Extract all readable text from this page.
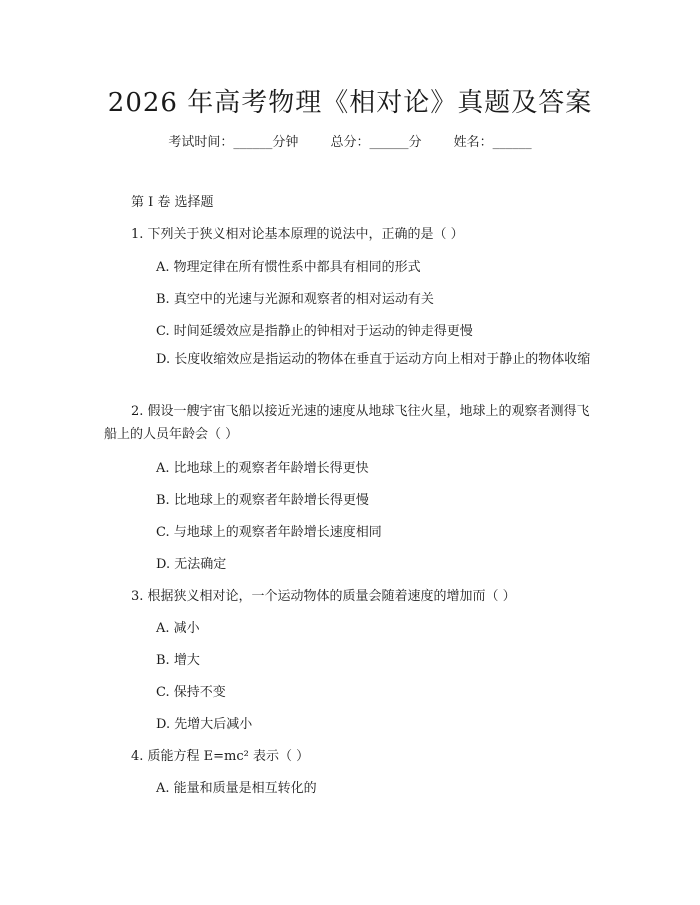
2026 年高考物理《相对论》真题及答案
考试时间：______分钟 总分：______分 姓名：______
第 I 卷 选择题
1. 下列关于狭义相对论基本原理的说法中，正确的是（ ）
A. 物理定律在所有惯性系中都具有相同的形式
B. 真空中的光速与光源和观察者的相对运动有关
C. 时间延缓效应是指静止的钟相对于运动的钟走得更慢
D. 长度收缩效应是指运动的物体在垂直于运动方向上相对于静止的物体收缩
2. 假设一艘宇宙飞船以接近光速的速度从地球飞往火星，地球上的观察者测得飞船上的人员年龄会（ ）
A. 比地球上的观察者年龄增长得更快
B. 比地球上的观察者年龄增长得更慢
C. 与地球上的观察者年龄增长速度相同
D. 无法确定
3. 根据狭义相对论，一个运动物体的质量会随着速度的增加而（ ）
A. 减小
B. 增大
C. 保持不变
D. 先增大后减小
4. 质能方程 E=mc² 表示（ ）
A. 能量和质量是相互转化的
